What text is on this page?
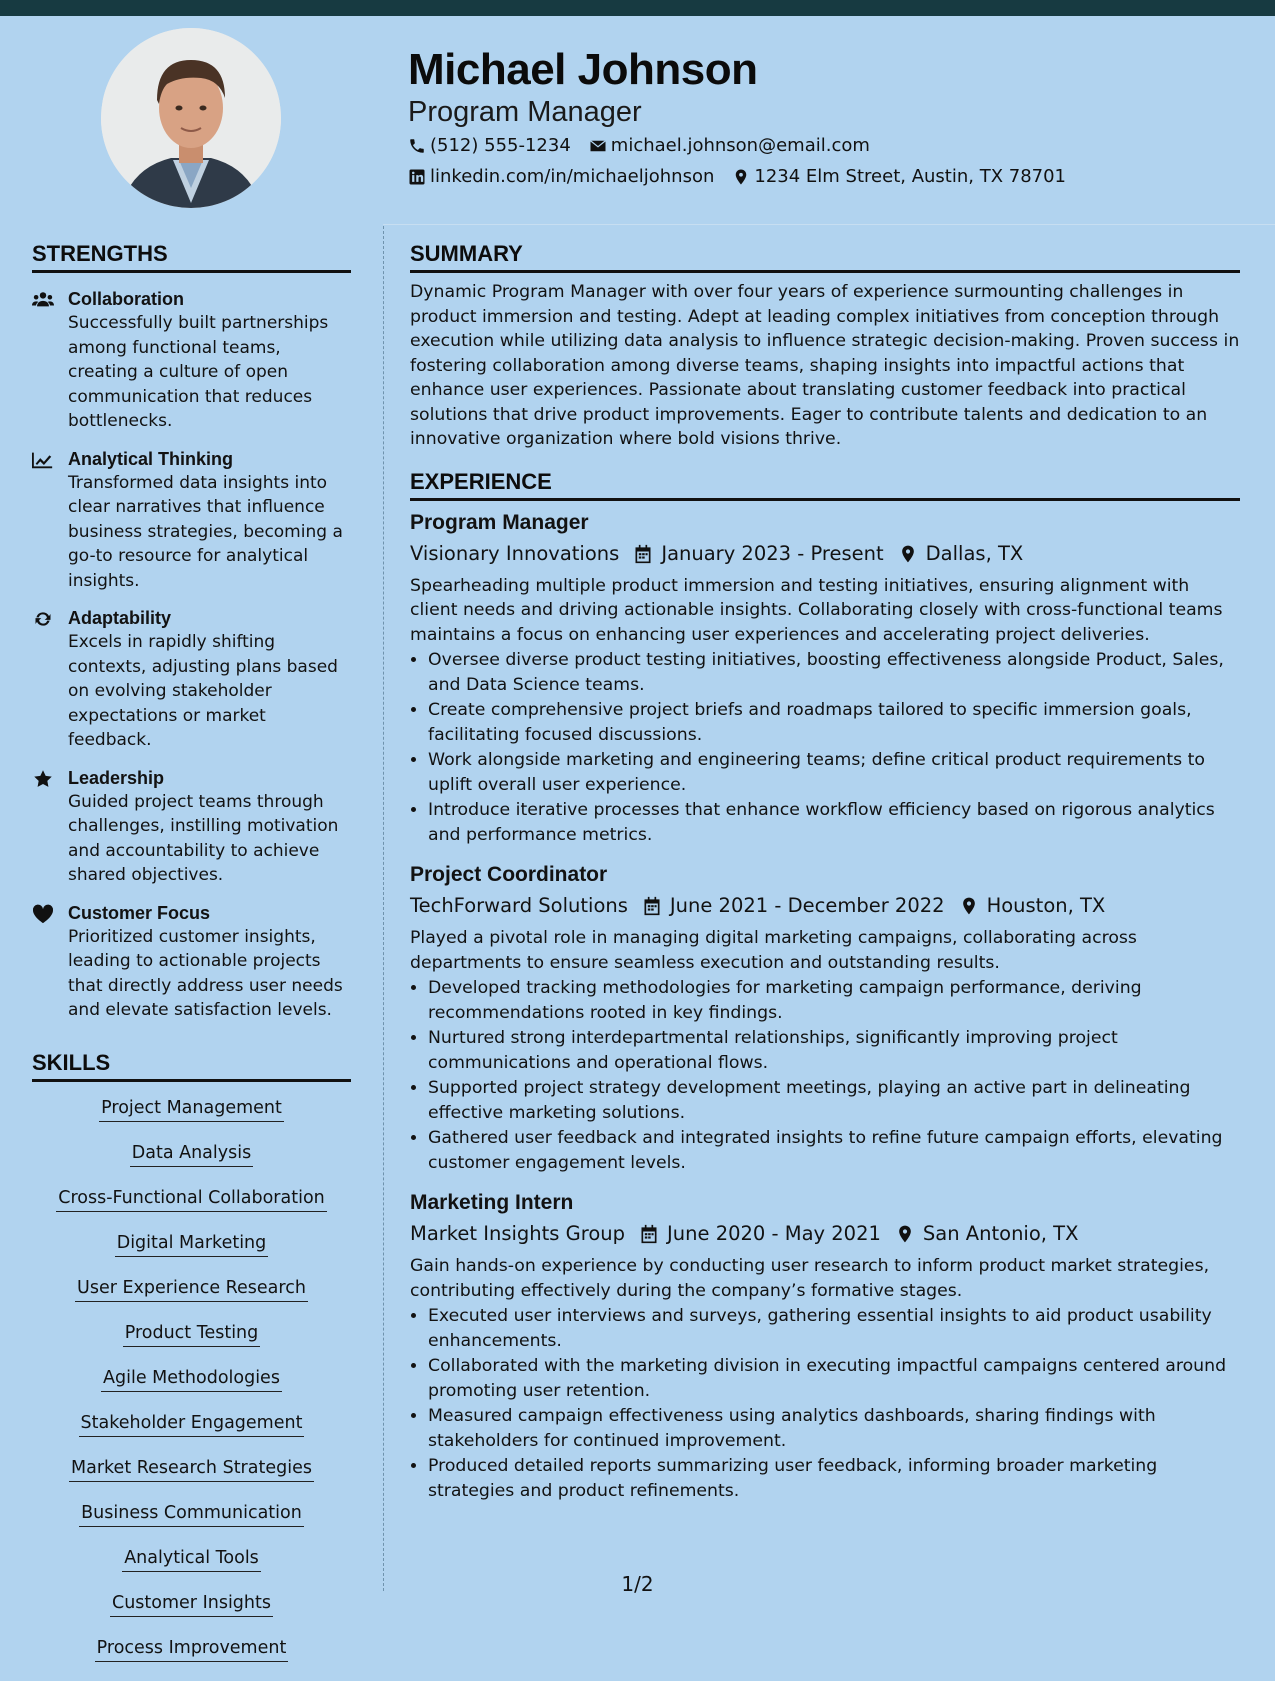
Michael Johnson
Program Manager
(512) 555-1234 michael.johnson@email.com
linkedin.com/in/michaeljohnson 1234 Elm Street, Austin, TX 78701
STRENGTHS
Collaboration
Successfully built partnerships among functional teams, creating a culture of open communication that reduces bottlenecks.
Analytical Thinking
Transformed data insights into clear narratives that influence business strategies, becoming a go-to resource for analytical insights.
Adaptability
Excels in rapidly shifting contexts, adjusting plans based on evolving stakeholder expectations or market feedback.
Leadership
Guided project teams through challenges, instilling motivation and accountability to achieve shared objectives.
Customer Focus
Prioritized customer insights, leading to actionable projects that directly address user needs and elevate satisfaction levels.
SKILLS
Project ManagementData Analysis
Cross-Functional Collaboration
Digital Marketing
User Experience Research
Product Testing
Agile Methodologies
Stakeholder Engagement
Market Research Strategies
Business Communication
Analytical ToolsCustomer Insights
Process Improvement
SUMMARY
Dynamic Program Manager with over four years of experience surmounting challenges in product immersion and testing. Adept at leading complex initiatives from conception through execution while utilizing data analysis to influence strategic decision-making. Proven success in fostering collaboration among diverse teams, shaping insights into impactful actions that enhance user experiences. Passionate about translating customer feedback into practical solutions that drive product improvements. Eager to contribute talents and dedication to an innovative organization where bold visions thrive.
EXPERIENCE
Program Manager
Visionary Innovations January 2023 - Present Dallas, TX
Spearheading multiple product immersion and testing initiatives, ensuring alignment with client needs and driving actionable insights. Collaborating closely with cross-functional teams maintains a focus on enhancing user experiences and accelerating project deliveries.
• Oversee diverse product testing initiatives, boosting effectiveness alongside Product, Sales, and Data Science teams.
• Create comprehensive project briefs and roadmaps tailored to specific immersion goals, facilitating focused discussions.
• Work alongside marketing and engineering teams; define critical product requirements to uplift overall user experience.
• Introduce iterative processes that enhance workflow efficiency based on rigorous analytics and performance metrics.
Project Coordinator
TechForward Solutions June 2021 - December 2022 Houston, TX
Played a pivotal role in managing digital marketing campaigns, collaborating across departments to ensure seamless execution and outstanding results.
• Developed tracking methodologies for marketing campaign performance, deriving recommendations rooted in key findings.
• Nurtured strong interdepartmental relationships, significantly improving project communications and operational flows.
• Supported project strategy development meetings, playing an active part in delineating effective marketing solutions.
• Gathered user feedback and integrated insights to refine future campaign efforts, elevating customer engagement levels.
Marketing Intern
Market Insights Group June 2020 - May 2021 San Antonio, TX
Gain hands-on experience by conducting user research to inform product market strategies, contributing effectively during the company’s formative stages.
• Executed user interviews and surveys, gathering essential insights to aid product usability enhancements.
• Collaborated with the marketing division in executing impactful campaigns centered around promoting user retention.
• Measured campaign effectiveness using analytics dashboards, sharing findings with stakeholders for continued improvement.
• Produced detailed reports summarizing user feedback, informing broader marketing strategies and product refinements.
1/2
